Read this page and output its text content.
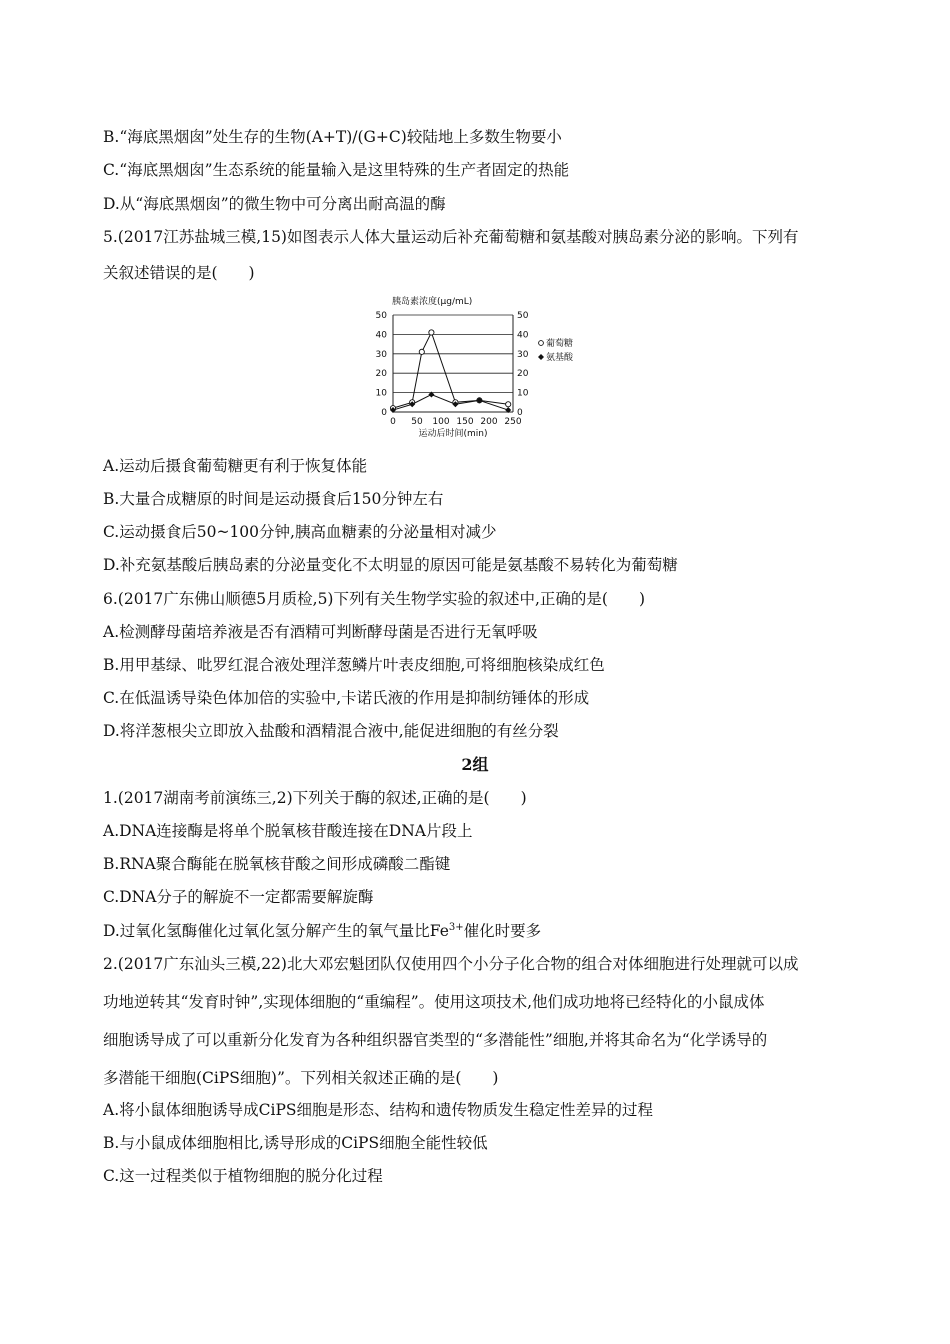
B.“海底黑烟囱”处生存的生物(A+T)/(G+C)较陆地上多数生物要小
C.“海底黑烟囱”生态系统的能量输入是这里特殊的生产者固定的热能
D.从“海底黑烟囱”的微生物中可分离出耐高温的酶
5.(2017江苏盐城三模,15)如图表示人体大量运动后补充葡萄糖和氨基酸对胰岛素分泌的影响。下列有
关叙述错误的是(　　)
胰岛素浓度(μg/mL)
0	0
10	10
20	20
30	30
40	40
50	50
0 50 100 150 200 250
运动后时间(min)
葡萄糖
氨基酸
A.运动后摄食葡萄糖更有利于恢复体能
B.大量合成糖原的时间是运动摄食后150分钟左右
C.运动摄食后50~100分钟,胰高血糖素的分泌量相对减少
D.补充氨基酸后胰岛素的分泌量变化不太明显的原因可能是氨基酸不易转化为葡萄糖
6.(2017广东佛山顺德5月质检,5)下列有关生物学实验的叙述中,正确的是(　　)
A.检测酵母菌培养液是否有酒精可判断酵母菌是否进行无氧呼吸
B.用甲基绿、吡罗红混合液处理洋葱鳞片叶表皮细胞,可将细胞核染成红色
C.在低温诱导染色体加倍的实验中,卡诺氏液的作用是抑制纺锤体的形成
D.将洋葱根尖立即放入盐酸和酒精混合液中,能促进细胞的有丝分裂
2组
1.(2017湖南考前演练三,2)下列关于酶的叙述,正确的是(　　)
A.DNA连接酶是将单个脱氧核苷酸连接在DNA片段上
B.RNA聚合酶能在脱氧核苷酸之间形成磷酸二酯键
C.DNA分子的解旋不一定都需要解旋酶
D.过氧化氢酶催化过氧化氢分解产生的氧气量比$Fe^{3+}$催化时要多
2.(2017广东汕头三模,22)北大邓宏魁团队仅使用四个小分子化合物的组合对体细胞进行处理就可以成
功地逆转其“发育时钟”,实现体细胞的“重编程”。使用这项技术,他们成功地将已经特化的小鼠成体
细胞诱导成了可以重新分化发育为各种组织器官类型的“多潜能性”细胞,并将其命名为“化学诱导的
多潜能干细胞(CiPS细胞)”。下列相关叙述正确的是(　　)
A.将小鼠体细胞诱导成CiPS细胞是形态、结构和遗传物质发生稳定性差异的过程
B.与小鼠成体细胞相比,诱导形成的CiPS细胞全能性较低
C.这一过程类似于植物细胞的脱分化过程
